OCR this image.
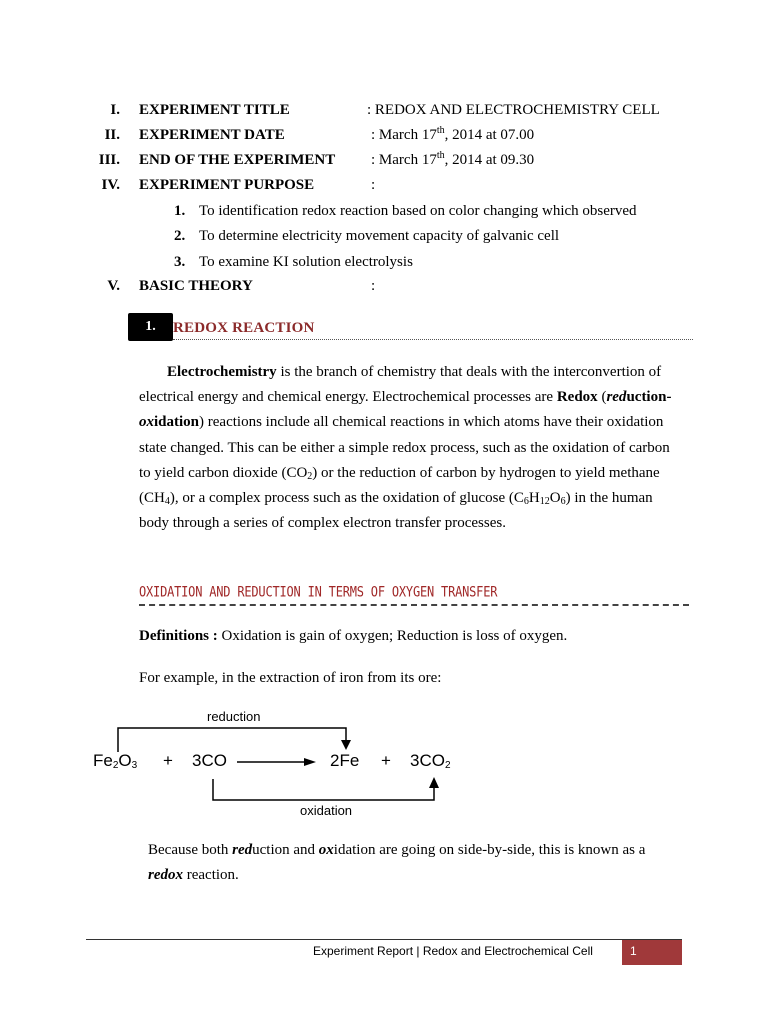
I. EXPERIMENT TITLE	: REDOX AND ELECTROCHEMISTRY CELL
II. EXPERIMENT DATE	: March 17th, 2014 at 07.00
III. END OF THE EXPERIMENT : March 17th, 2014 at 09.30
IV. EXPERIMENT PURPOSE	:
1. To identification redox reaction based on color changing which observed
2. To determine electricity movement capacity of galvanic cell
3. To examine KI solution electrolysis
V. BASIC THEORY	:
1.	REDOX REACTION
Electrochemistry is the branch of chemistry that deals with the interconvertion of electrical energy and chemical energy. Electrochemical processes are Redox (reduction-oxidation) reactions include all chemical reactions in which atoms have their oxidation state changed. This can be either a simple redox process, such as the oxidation of carbon to yield carbon dioxide $(CO_2)$ or the reduction of carbon by hydrogen to yield methane $(CH_4)$, or a complex process such as the oxidation of glucose $(C_6H_{12}O_6)$ in the human body through a series of complex electron transfer processes.
OXIDATION AND REDUCTION IN TERMS OF OXYGEN TRANSFER
Definitions : Oxidation is gain of oxygen; Reduction is loss of oxygen.
For example, in the extraction of iron from its ore:
reduction
$Fe_2O_3 + 3CO$	$2Fe + 3CO_2$
oxidation
Because both reduction and oxidation are going on side-by-side, this is known as a
redox reaction.
Experiment Report | Redox and Electrochemical Cell	1
